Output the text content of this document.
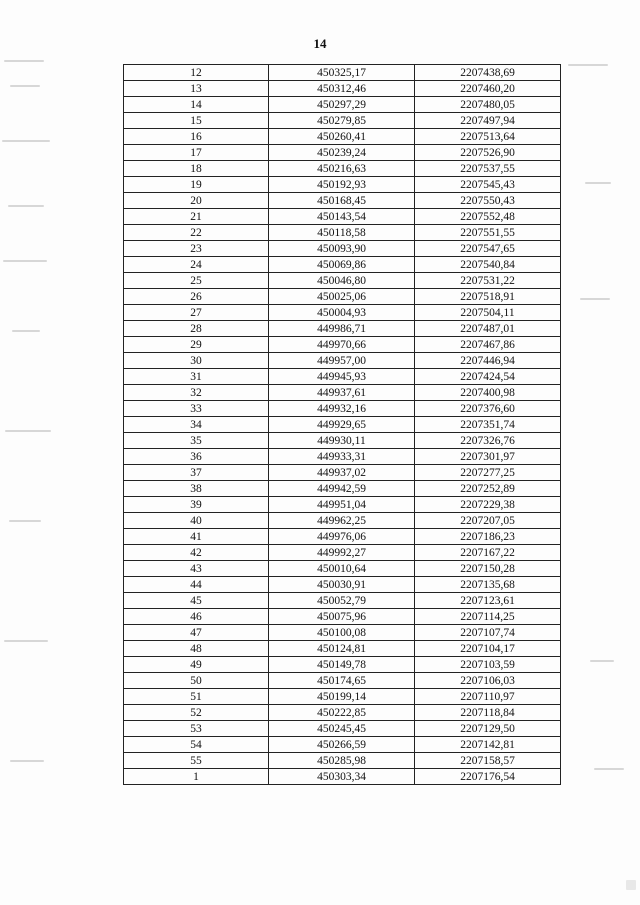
14
12	450325,17	2207438,69
13	450312,46	2207460,20
14	450297,29	2207480,05
15	450279,85	2207497,94
16	450260,41	2207513,64
17	450239,24	2207526,90
18	450216,63	2207537,55
19	450192,93	2207545,43
20	450168,45	2207550,43
21	450143,54	2207552,48
22	450118,58	2207551,55
23	450093,90	2207547,65
24	450069,86	2207540,84
25	450046,80	2207531,22
26	450025,06	2207518,91
27	450004,93	2207504,11
28	449986,71	2207487,01
29	449970,66	2207467,86
30	449957,00	2207446,94
31	449945,93	2207424,54
32	449937,61	2207400,98
33	449932,16	2207376,60
34	449929,65	2207351,74
35	449930,11	2207326,76
36	449933,31	2207301,97
37	449937,02	2207277,25
38	449942,59	2207252,89
39	449951,04	2207229,38
40	449962,25	2207207,05
41	449976,06	2207186,23
42	449992,27	2207167,22
43	450010,64	2207150,28
44	450030,91	2207135,68
45	450052,79	2207123,61
46	450075,96	2207114,25
47	450100,08	2207107,74
48	450124,81	2207104,17
49	450149,78	2207103,59
50	450174,65	2207106,03
51	450199,14	2207110,97
52	450222,85	2207118,84
53	450245,45	2207129,50
54	450266,59	2207142,81
55	450285,98	2207158,57
1	450303,34	2207176,54
